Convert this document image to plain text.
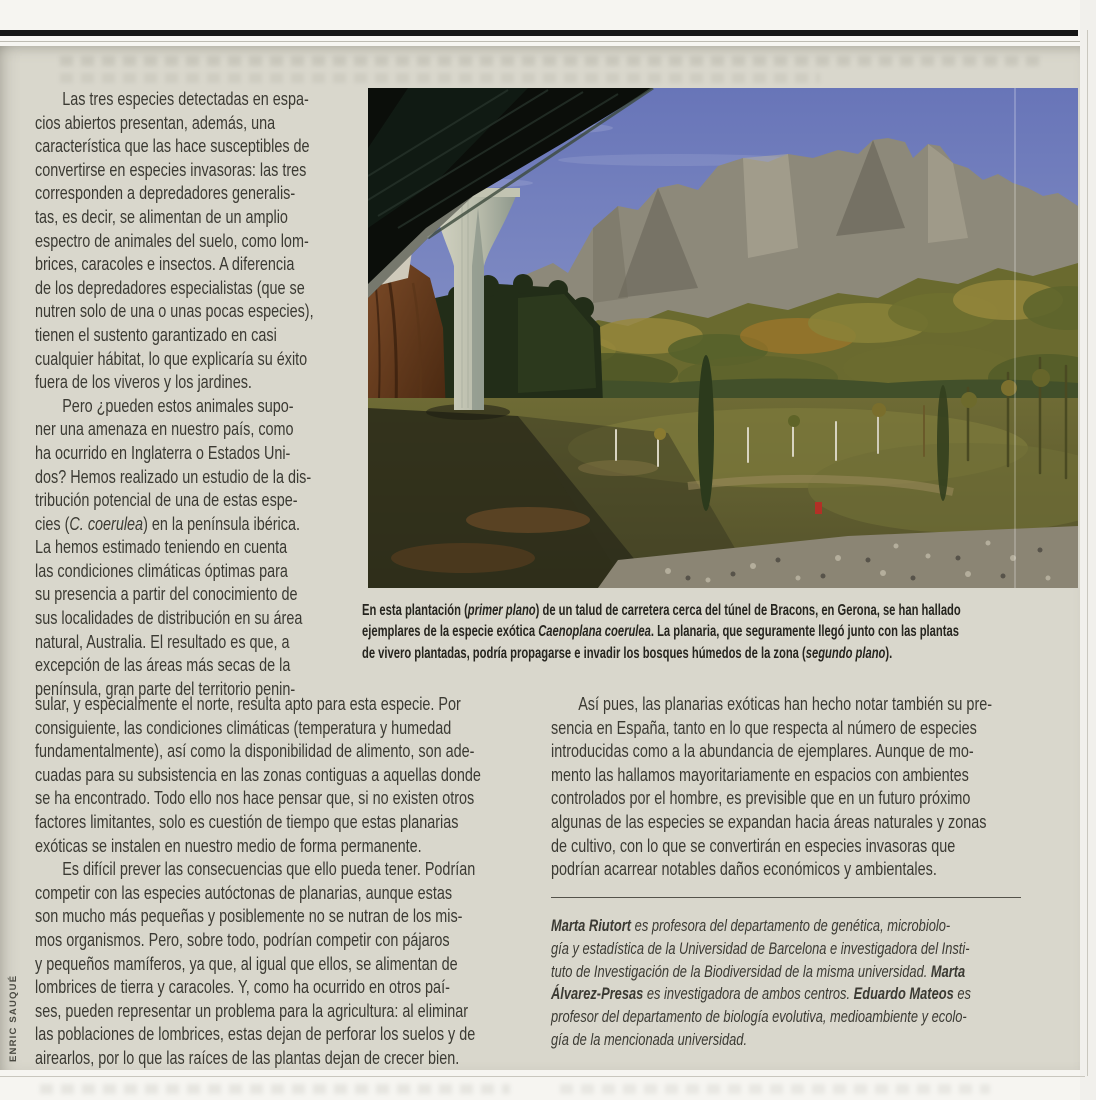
Las tres especies detectadas en espa-
cios abiertos presentan, además, una
característica que las hace susceptibles de
convertirse en especies invasoras: las tres
corresponden a depredadores generalis-
tas, es decir, se alimentan de un amplio
espectro de animales del suelo, como lom-
brices, caracoles e insectos. A diferencia
de los depredadores especialistas (que se
nutren solo de una o unas pocas especies),
tienen el sustento garantizado en casi
cualquier hábitat, lo que explicaría su éxito
fuera de los viveros y los jardines.
Pero ¿pueden estos animales supo-
ner una amenaza en nuestro país, como
ha ocurrido en Inglaterra o Estados Uni-
dos? Hemos realizado un estudio de la dis-
tribución potencial de una de estas espe-
cies (C. coerulea) en la península ibérica.
La hemos estimado teniendo en cuenta
las condiciones climáticas óptimas para
su presencia a partir del conocimiento de
sus localidades de distribución en su área
natural, Australia. El resultado es que, a
excepción de las áreas más secas de la
península, gran parte del territorio penin-
sular, y especialmente el norte, resulta apto para esta especie. Por
consiguiente, las condiciones climáticas (temperatura y humedad
fundamentalmente), así como la disponibilidad de alimento, son ade-
cuadas para su subsistencia en las zonas contiguas a aquellas donde
se ha encontrado. Todo ello nos hace pensar que, si no existen otros
factores limitantes, solo es cuestión de tiempo que estas planarias
exóticas se instalen en nuestro medio de forma permanente.
Es difícil prever las consecuencias que ello pueda tener. Podrían
competir con las especies autóctonas de planarias, aunque estas
son mucho más pequeñas y posiblemente no se nutran de los mis-
mos organismos. Pero, sobre todo, podrían competir con pájaros
y pequeños mamíferos, ya que, al igual que ellos, se alimentan de
lombrices de tierra y caracoles. Y, como ha ocurrido en otros paí-
ses, pueden representar un problema para la agricultura: al eliminar
las poblaciones de lombrices, estas dejan de perforar los suelos y de
airearlos, por lo que las raíces de las plantas dejan de crecer bien.
Así pues, las planarias exóticas han hecho notar también su pre-
sencia en España, tanto en lo que respecta al número de especies
introducidas como a la abundancia de ejemplares. Aunque de mo-
mento las hallamos mayoritariamente en espacios con ambientes
controlados por el hombre, es previsible que en un futuro próximo
algunas de las especies se expandan hacia áreas naturales y zonas
de cultivo, con lo que se convertirán en especies invasoras que
podrían acarrear notables daños económicos y ambientales.
En esta plantación (primer plano) de un talud de carretera cerca del túnel de Bracons, en Gerona, se han hallado
ejemplares de la especie exótica Caenoplana coerulea. La planaria, que seguramente llegó junto con las plantas
de vivero plantadas, podría propagarse e invadir los bosques húmedos de la zona (segundo plano).
Marta Riutort es profesora del departamento de genética, microbiolo-
gía y estadística de la Universidad de Barcelona e investigadora del Insti-
tuto de Investigación de la Biodiversidad de la misma universidad. Marta
Álvarez-Presas es investigadora de ambos centros. Eduardo Mateos es
profesor del departamento de biología evolutiva, medioambiente y ecolo-
gía de la mencionada universidad.
ENRIC SAUQUÉ
